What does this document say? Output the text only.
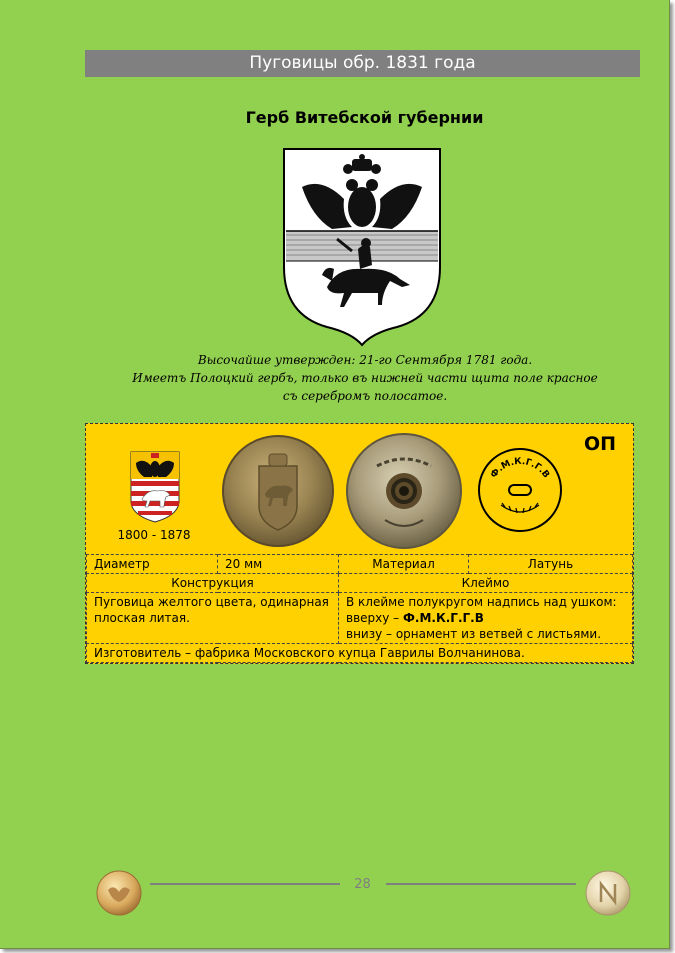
Пуговицы обр. 1831 года
Герб Витебской губернии
Высочайше утвержден: 21-го Сентября 1781 года.
Имеетъ Полоцкий гербъ, только въ нижней части щита поле красное
съ серебромъ полосатое.
ОП
1800 - 1878
Ф.М.К.Г.Г.В
Диаметр	20 мм	Материал	Латунь
Конструкция		Клеймо	
Пуговица желтого цвета, одинарная плоская литая.		В клейме полукругом надпись над ушком:
вверху – Ф.М.К.Г.Г.В
внизу – орнамент из ветвей с листьями.	

Изготовитель – фабрика Московского купца Гаврилы Волчанинова.			
28
